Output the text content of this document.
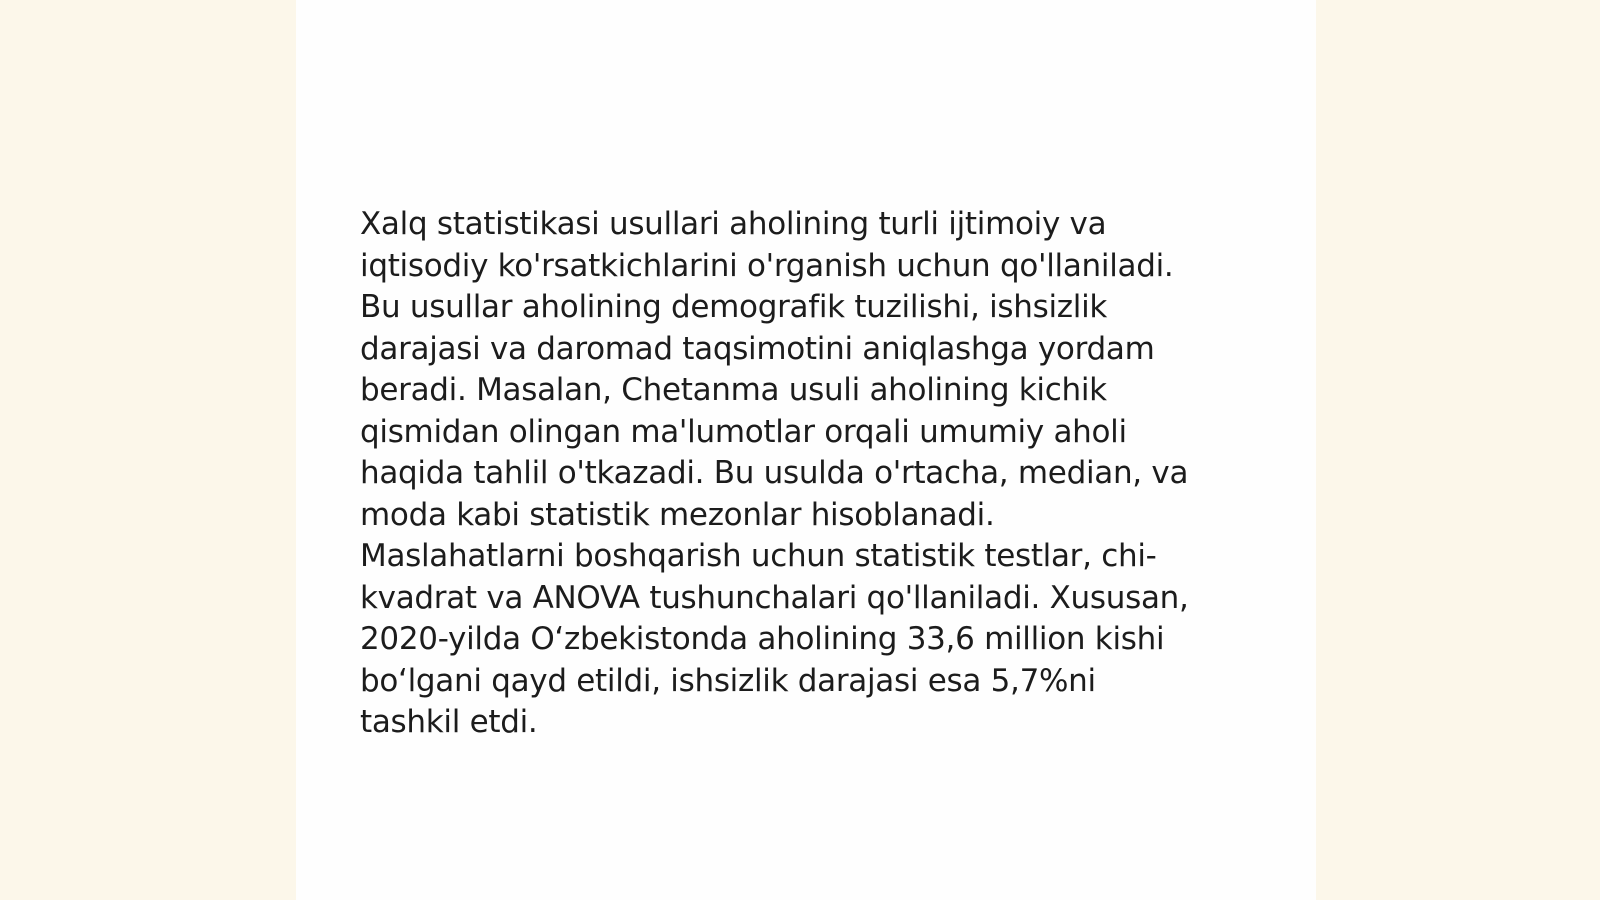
Xalq statistikasi usullari aholining turli ijtimoiy va
iqtisodiy ko'rsatkichlarini o'rganish uchun qo'llaniladi.
Bu usullar aholining demografik tuzilishi, ishsizlik
darajasi va daromad taqsimotini aniqlashga yordam
beradi. Masalan, Chetanma usuli aholining kichik
qismidan olingan ma'lumotlar orqali umumiy aholi
haqida tahlil o'tkazadi. Bu usulda o'rtacha, median, va
moda kabi statistik mezonlar hisoblanadi.
Maslahatlarni boshqarish uchun statistik testlar, chi-
kvadrat va ANOVA tushunchalari qo'llaniladi. Xususan,
2020-yilda O‘zbekistonda aholining 33,6 million kishi
bo‘lgani qayd etildi, ishsizlik darajasi esa 5,7%ni
tashkil etdi.
